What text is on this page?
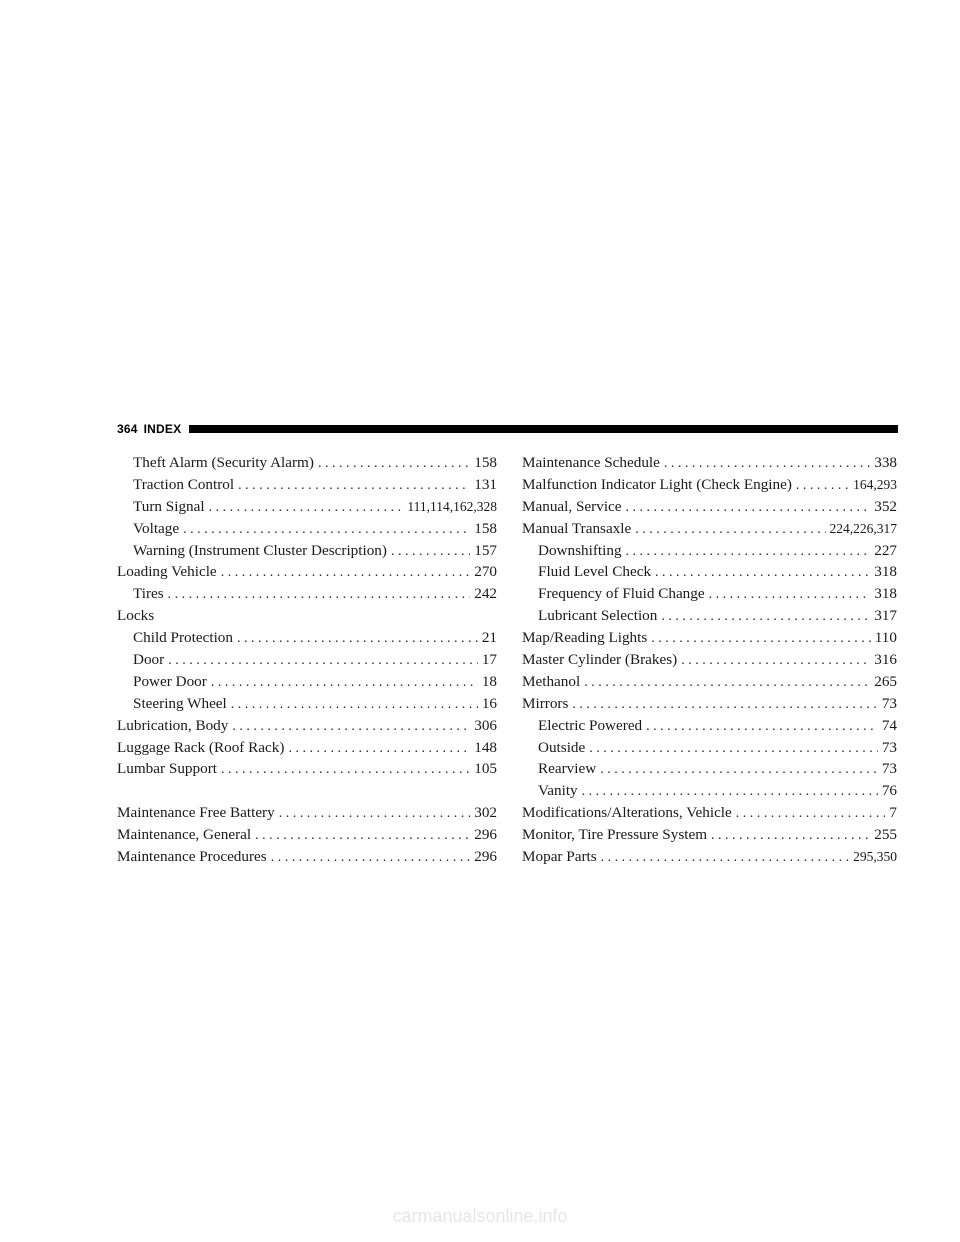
364 INDEX
Theft Alarm (Security Alarm) . . .	158
Traction Control . . .	131
Turn Signal . . .	111,114,162,328
Voltage . . .	158
Warning (Instrument Cluster Description) . . .	157
Loading Vehicle . . .	270
Tires . . .	242
Locks
Child Protection . . .	21
Door . . .	17
Power Door . . .	18
Steering Wheel . . .	16
Lubrication, Body . . .	306
Luggage Rack (Roof Rack) . . .	148
Lumbar Support . . .	105
Maintenance Free Battery . . .	302
Maintenance, General . . .	296
Maintenance Procedures . . .	296
Maintenance Schedule . . .	338
Malfunction Indicator Light (Check Engine) . . .	164,293
Manual, Service . . .	352
Manual Transaxle . . .	224,226,317
Downshifting . . .	227
Fluid Level Check . . .	318
Frequency of Fluid Change . . .	318
Lubricant Selection . . .	317
Map/Reading Lights . . .	110
Master Cylinder (Brakes) . . .	316
Methanol . . .	265
Mirrors . . .	73
Electric Powered . . .	74
Outside . . .	73
Rearview . . .	73
Vanity . . .	76
Modifications/Alterations, Vehicle . . .	7
Monitor, Tire Pressure System . . .	255
Mopar Parts . . .	295,350
carmanualsonline.info
